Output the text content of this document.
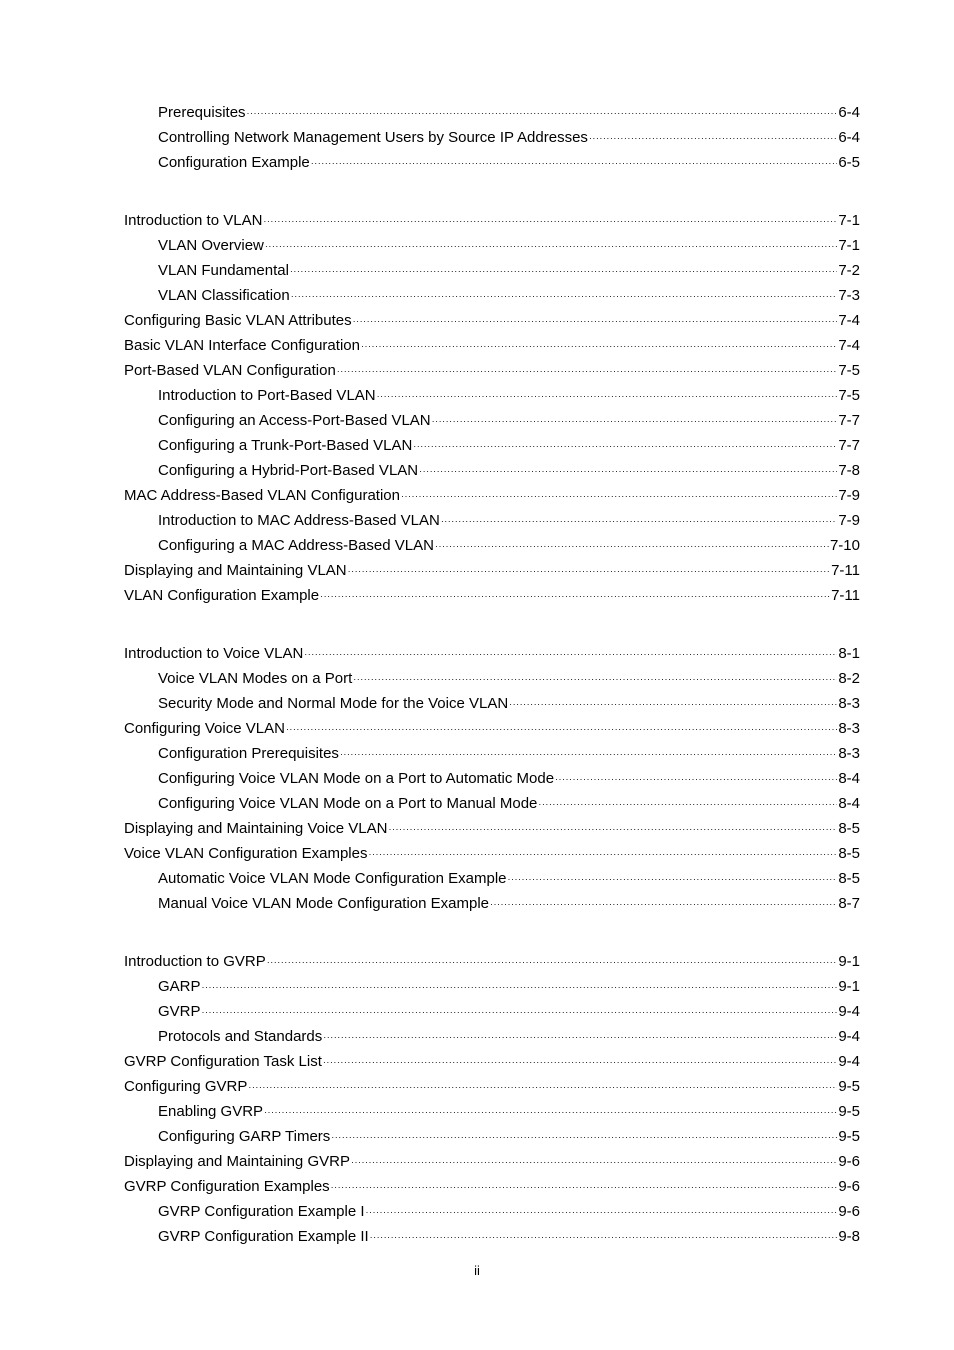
Prerequisites ·····	6-4
Controlling Network Management Users by Source IP Addresses ·····	6-4
Configuration Example ·····	6-5
Introduction to VLAN ·····	7-1
VLAN Overview ·····	7-1
VLAN Fundamental ·····	7-2
VLAN Classification ·····	7-3
Configuring Basic VLAN Attributes ·····	7-4
Basic VLAN Interface Configuration ·····	7-4
Port-Based VLAN Configuration ·····	7-5
Introduction to Port-Based VLAN ·····	7-5
Configuring an Access-Port-Based VLAN ·····	7-7
Configuring a Trunk-Port-Based VLAN ·····	7-7
Configuring a Hybrid-Port-Based VLAN ·····	7-8
MAC Address-Based VLAN Configuration ·····	7-9
Introduction to MAC Address-Based VLAN ·····	7-9
Configuring a MAC Address-Based VLAN ·····	7-10
Displaying and Maintaining VLAN ·····	7-11
VLAN Configuration Example ·····	7-11
Introduction to Voice VLAN ·····	8-1
Voice VLAN Modes on a Port ·····	8-2
Security Mode and Normal Mode for the Voice VLAN ·····	8-3
Configuring Voice VLAN ·····	8-3
Configuration Prerequisites ·····	8-3
Configuring Voice VLAN Mode on a Port to Automatic Mode ·····	8-4
Configuring Voice VLAN Mode on a Port to Manual Mode ·····	8-4
Displaying and Maintaining Voice VLAN ·····	8-5
Voice VLAN Configuration Examples ·····	8-5
Automatic Voice VLAN Mode Configuration Example ·····	8-5
Manual Voice VLAN Mode Configuration Example ·····	8-7
Introduction to GVRP ·····	9-1
GARP ·····	9-1
GVRP ·····	9-4
Protocols and Standards ·····	9-4
GVRP Configuration Task List ·····	9-4
Configuring GVRP ·····	9-5
Enabling GVRP ·····	9-5
Configuring GARP Timers ·····	9-5
Displaying and Maintaining GVRP ·····	9-6
GVRP Configuration Examples ·····	9-6
GVRP Configuration Example I ·····	9-6
GVRP Configuration Example II ·····	9-8
ii
